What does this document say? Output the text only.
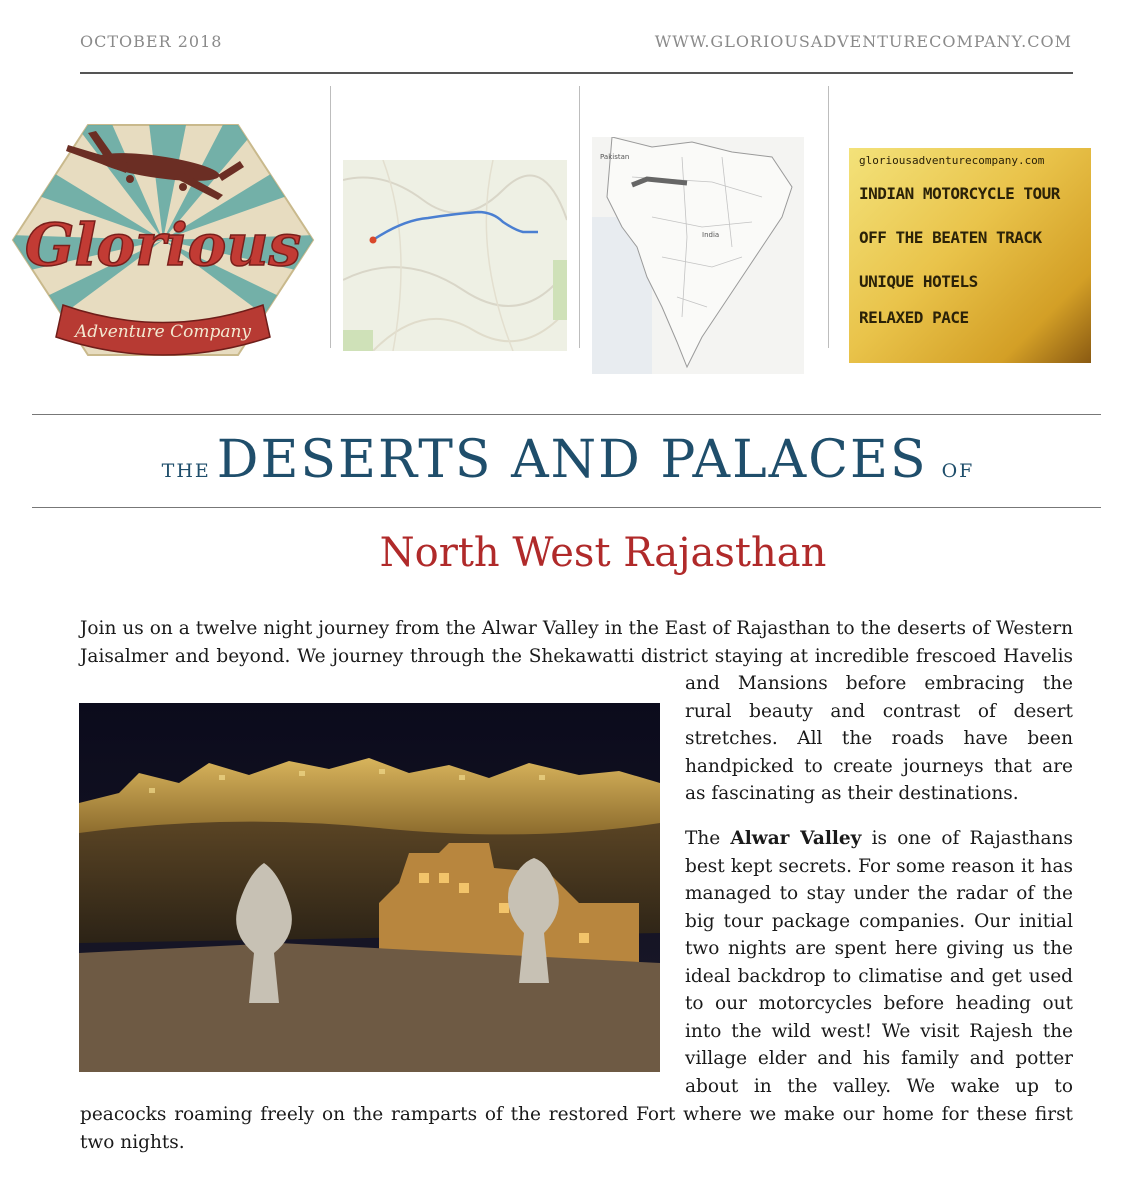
OCTOBER 2018	WWW.GLORIOUSADVENTURECOMPANY.COM
Glorious
Adventure Company
Pakistan
India
gloriousadventurecompany.com
INDIAN MOTORCYCLE TOUR
OFF THE BEATEN TRACK
UNIQUE HOTELS
RELAXED PACE
THE DESERTS AND PALACES OF
North West Rajasthan
Join us on a twelve night journey from the Alwar Valley in the East of Rajasthan to the deserts of Western Jaisalmer and beyond. We journey through the Shekawatti district staying at incredible frescoed Havelis
and Mansions before embracing the rural beauty and contrast of desert stretches. All the roads have been handpicked to create journeys that are as fascinating as their destinations.
The Alwar Valley is one of Rajasthans best kept secrets. For some reason it has managed to stay under the radar of the big tour package companies. Our initial two nights are spent here giving us the ideal backdrop to climatise and get used to our motorcycles before heading out into the wild west! We visit Rajesh the village elder and his family and potter about in the valley. We wake up to
peacocks roaming freely on the ramparts of the restored Fort where we make our home for these first two nights.
